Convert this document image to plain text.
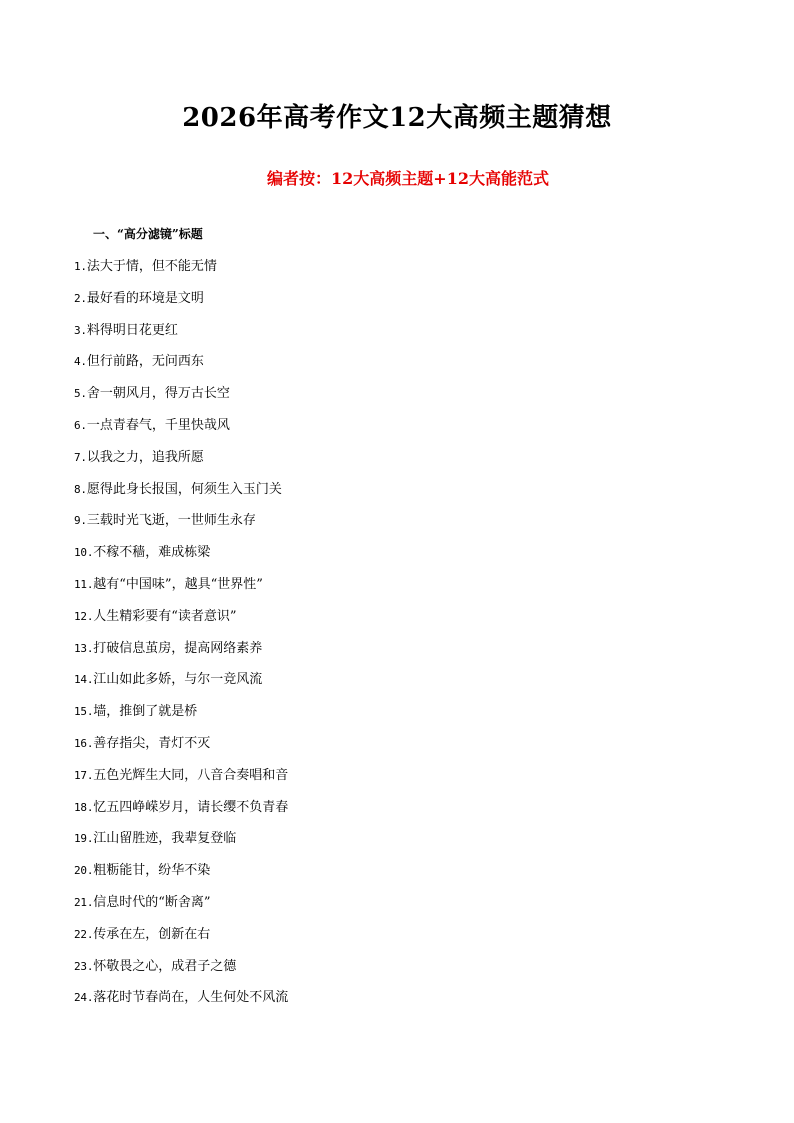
2026年高考作文12大高频主题猜想
编者按：12大高频主题+12大高能范式
一、“高分滤镜”标题
1.法大于情，但不能无情
2.最好看的环境是文明
3.料得明日花更红
4.但行前路，无问西东
5.舍一朝风月，得万古长空
6.一点青春气，千里快哉风
7.以我之力，追我所愿
8.愿得此身长报国，何须生入玉门关
9.三载时光飞逝，一世师生永存
10.不稼不穑，难成栋梁
11.越有“中国味”，越具“世界性”
12.人生精彩要有“读者意识”
13.打破信息茧房，提高网络素养
14.江山如此多娇，与尔一竞风流
15.墙，推倒了就是桥
16.善存指尖，青灯不灭
17.五色光辉生大同，八音合奏唱和音
18.忆五四峥嵘岁月，请长缨不负青春
19.江山留胜迹，我辈复登临
20.粗粝能甘，纷华不染
21.信息时代的“断舍离”
22.传承在左，创新在右
23.怀敬畏之心，成君子之德
24.落花时节春尚在，人生何处不风流
